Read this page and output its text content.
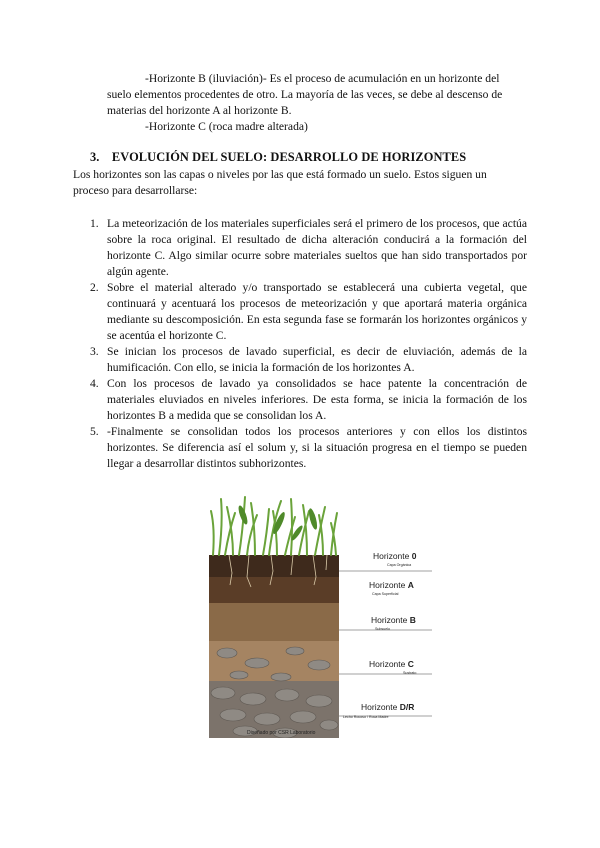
-Horizonte B (iluviación)- Es el proceso de acumulación en un horizonte del

suelo elementos procedentes de otro. La mayoría de las veces, se debe al descenso de

materias del horizonte A al horizonte B.

-Horizonte C (roca madre alterada)

3. EVOLUCIÓN DEL SUELO: DESARROLLO DE HORIZONTES

Los horizontes son las capas o niveles por las que está formado un suelo. Estos siguen un
proceso para desarrollarse:

1. La meteorización de los materiales superficiales será el primero de los procesos, que actúa sobre la roca original. El resultado de dicha alteración conducirá a la formación del horizonte C. Algo similar ocurre sobre materiales sueltos que han sido transportados por algún agente.
2. Sobre el material alterado y/o transportado se establecerá una cubierta vegetal, que continuará y acentuará los procesos de meteorización y que aportará materia orgánica mediante su descomposición. En esta segunda fase se formarán los horizontes orgánicos y se acentúa el horizonte C.
3. Se inician los procesos de lavado superficial, es decir de eluviación, además de la humificación. Con ello, se inicia la formación de los horizontes A.
4. Con los procesos de lavado ya consolidados se hace patente la concentración de materiales eluviados en niveles inferiores. De esta forma, se inicia la formación de los horizontes B a medida que se consolidan los A.
5. -Finalmente se consolidan todos los procesos anteriores y con ellos los distintos horizontes. Se diferencia así el solum y, si la situación progresa en el tiempo se pueden llegar a desarrollar distintos subhorizontes.
Diseñado por CSR Laboratorio
Horizonte 0
Capa Orgánica
Horizonte A
Capa Superficial
Horizonte B
Subsuelo
Horizonte C
Sustrato
Horizonte D/R
Lecho Rocoso / Roca Madre
